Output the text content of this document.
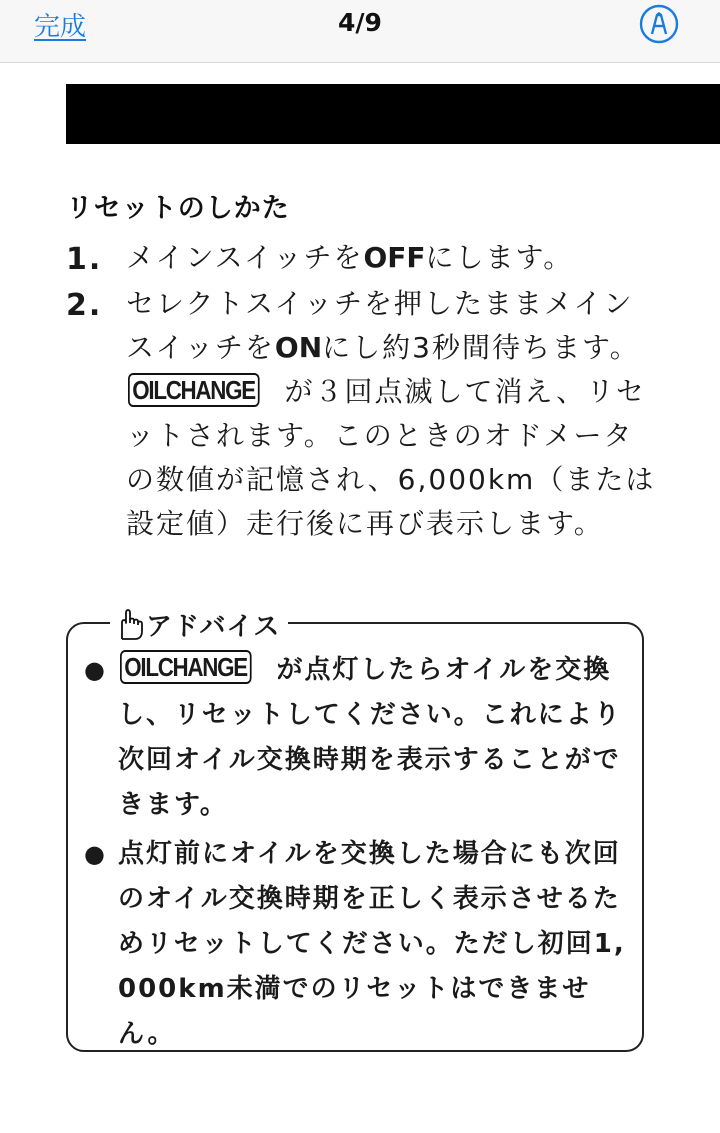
完成	4/9
リセットのしかた
1. メインスイッチをOFFにします。
2. セレクトスイッチを押したままメインスイッチをONにし約3秒間待ちます。OILCHANGE が３回点滅して消え、リセットされます。このときのオドメータの数値が記憶され、6,000km（または設定値）走行後に再び表示します。
アドバイス
● OILCHANGE が点灯したらオイルを交換し、リセットしてください。これにより次回オイル交換時期を表示することができます。
● 点灯前にオイルを交換した場合にも次回のオイル交換時期を正しく表示させるためリセットしてください。ただし初回1,000km未満でのリセットはできません。
